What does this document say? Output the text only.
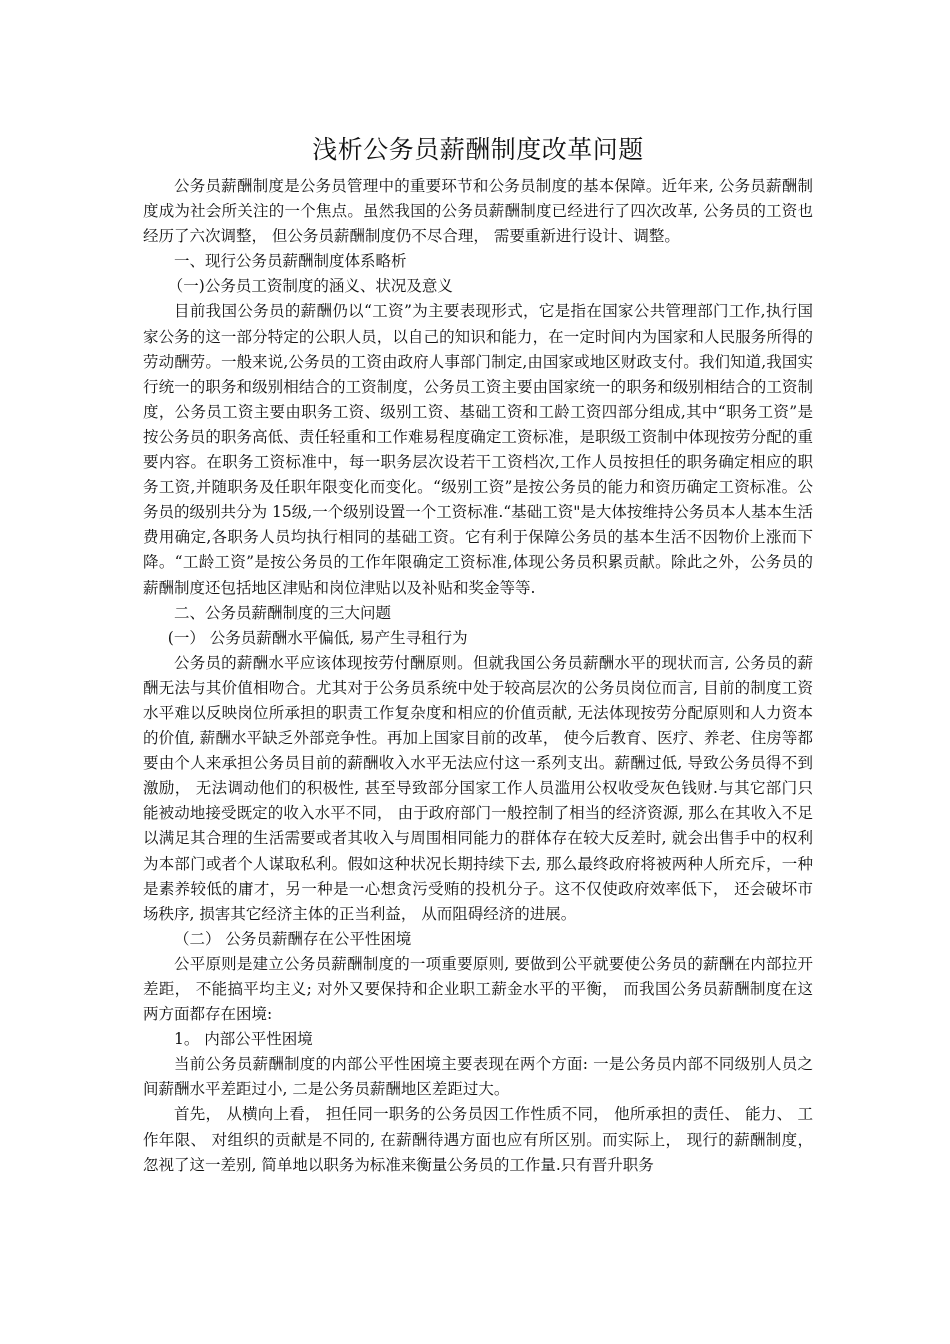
浅析公务员薪酬制度改革问题

公务员薪酬制度是公务员管理中的重要环节和公务员制度的基本保障。近年来, 公务员薪酬制度成为社会所关注的一个焦点。虽然我国的公务员薪酬制度已经进行了四次改革, 公务员的工资也经历了六次调整， 但公务员薪酬制度仍不尽合理， 需要重新进行设计、调整。

一、现行公务员薪酬制度体系略析

（一)公务员工资制度的涵义、状况及意义

目前我国公务员的薪酬仍以“工资”为主要表现形式，它是指在国家公共管理部门工作,执行国家公务的这一部分特定的公职人员，以自己的知识和能力，在一定时间内为国家和人民服务所得的劳动酬劳。一般来说,公务员的工资由政府人事部门制定,由国家或地区财政支付。我们知道,我国实行统一的职务和级别相结合的工资制度，公务员工资主要由国家统一的职务和级别相结合的工资制度，公务员工资主要由职务工资、级别工资、基础工资和工龄工资四部分组成,其中“职务工资”是按公务员的职务高低、责任轻重和工作难易程度确定工资标准，是职级工资制中体现按劳分配的重要内容。在职务工资标准中，每一职务层次设若干工资档次,工作人员按担任的职务确定相应的职务工资,并随职务及任职年限变化而变化。“级别工资”是按公务员的能力和资历确定工资标准。公务员的级别共分为 15级,一个级别设置一个工资标准.“基础工资"是大体按维持公务员本人基本生活费用确定,各职务人员均执行相同的基础工资。它有利于保障公务员的基本生活不因物价上涨而下降。“工龄工资”是按公务员的工作年限确定工资标准,体现公务员积累贡献。除此之外，公务员的薪酬制度还包括地区津贴和岗位津贴以及补贴和奖金等等.

二、公务员薪酬制度的三大问题

(一） 公务员薪酬水平偏低, 易产生寻租行为

公务员的薪酬水平应该体现按劳付酬原则。但就我国公务员薪酬水平的现状而言, 公务员的薪酬无法与其价值相吻合。尤其对于公务员系统中处于较高层次的公务员岗位而言, 目前的制度工资水平难以反映岗位所承担的职责工作复杂度和相应的价值贡献, 无法体现按劳分配原则和人力资本的价值, 薪酬水平缺乏外部竞争性。再加上国家目前的改革， 使今后教育、医疗、养老、住房等都要由个人来承担公务员目前的薪酬收入水平无法应付这一系列支出。薪酬过低, 导致公务员得不到激励， 无法调动他们的积极性, 甚至导致部分国家工作人员滥用公权收受灰色钱财.与其它部门只能被动地接受既定的收入水平不同， 由于政府部门一般控制了相当的经济资源, 那么在其收入不足以满足其合理的生活需要或者其收入与周围相同能力的群体存在较大反差时, 就会出售手中的权利为本部门或者个人谋取私利。假如这种状况长期持续下去, 那么最终政府将被两种人所充斥，一种是素养较低的庸才，另一种是一心想贪污受贿的投机分子。这不仅使政府效率低下， 还会破坏市场秩序, 损害其它经济主体的正当利益， 从而阻碍经济的进展。

（二） 公务员薪酬存在公平性困境

公平原则是建立公务员薪酬制度的一项重要原则, 要做到公平就要使公务员的薪酬在内部拉开差距， 不能搞平均主义; 对外又要保持和企业职工薪金水平的平衡， 而我国公务员薪酬制度在这两方面都存在困境:

1。 内部公平性困境

当前公务员薪酬制度的内部公平性困境主要表现在两个方面: 一是公务员内部不同级别人员之间薪酬水平差距过小, 二是公务员薪酬地区差距过大。

首先， 从横向上看， 担任同一职务的公务员因工作性质不同， 他所承担的责任、 能力、 工作年限、 对组织的贡献是不同的, 在薪酬待遇方面也应有所区别。而实际上， 现行的薪酬制度， 忽视了这一差别, 简单地以职务为标准来衡量公务员的工作量.只有晋升职务
